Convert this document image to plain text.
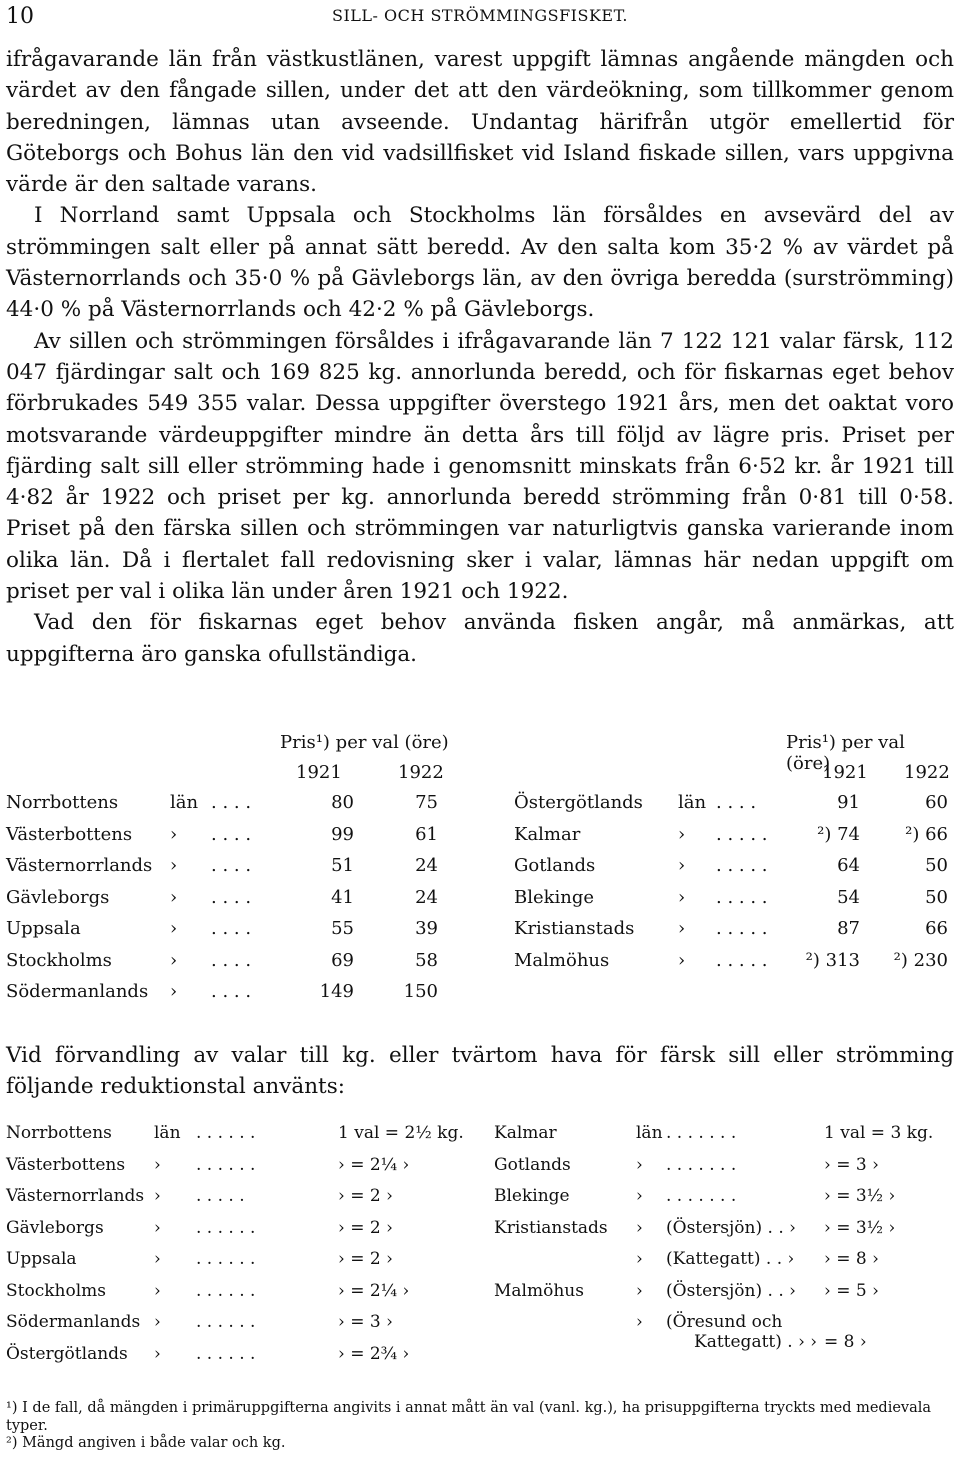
10	SILL- OCH STRÖMMINGSFISKET.

ifrågavarande län från västkustlänen, varest uppgift lämnas angående mängden och värdet av den fångade sillen, under det att den värdeökning, som tillkommer genom beredningen, lämnas utan avseende. Undantag härifrån utgör emellertid för Göteborgs och Bohus län den vid vadsillfisket vid Island fiskade sillen, vars uppgivna värde är den saltade varans.

I Norrland samt Uppsala och Stockholms län försåldes en avsevärd del av strömmingen salt eller på annat sätt beredd. Av den salta kom 35·2 % av värdet på Västernorrlands och 35·0 % på Gävleborgs län, av den övriga beredda (surströmming) 44·0 % på Västernorrlands och 42·2 % på Gävleborgs.

Av sillen och strömmingen försåldes i ifrågavarande län 7 122 121 valar färsk, 112 047 fjärdingar salt och 169 825 kg. annorlunda beredd, och för fiskarnas eget behov förbrukades 549 355 valar. Dessa uppgifter överstego 1921 års, men det oaktat voro motsvarande värdeuppgifter mindre än detta års till följd av lägre pris. Priset per fjärding salt sill eller strömming hade i genomsnitt minskats från 6·52 kr. år 1921 till 4·82 år 1922 och priset per kg. annorlunda beredd strömming från 0·81 till 0·58. Priset på den färska sillen och strömmingen var naturligtvis ganska varierande inom olika län. Då i flertalet fall redovisning sker i valar, lämnas här nedan uppgift om priset per val i olika län under åren 1921 och 1922.

Vad den för fiskarnas eget behov använda fisken angår, må anmärkas, att uppgifterna äro ganska ofullständiga.

Pris¹) per val (öre)	Pris¹) per val (öre)
1921	1922	1921 1922
Norrbottens	län . . . .	80	75
Västerbottens › . . . .	99	61
Västernorrlands › . . . .	51	24
Gävleborgs	› . . . .	41	24
Uppsala	› . . . .	55	39
Stockholms	› . . . .	69	58
Södermanlands › . . . .	149	150
Östergötlands län . . . .	91	60
Kalmar	› . . . . .	²) 74	²) 66
Gotlands	› . . . . .	64	50
Blekinge	› . . . . .	54	50
Kristianstads › . . . . .	87	66
Malmöhus	› . . . . .	²) 313	²) 230
Vid förvandling av valar till kg. eller tvärtom hava för färsk sill eller strömming följande reduktionstal använts:
Norrbottens län . . . . . .	1 val = 2½ kg.
Västerbottens › . . . . . .	› = 2¼ ›
Västernorrlands › . . . . .	› = 2 ›
Gävleborgs	› . . . . . .	› = 2 ›
Uppsala	› . . . . . .	› = 2 ›
Stockholms	› . . . . . .	› = 2¼ ›
Södermanlands › . . . . . .	› = 3 ›
Östergötlands › . . . . . .	› = 2¾ ›
Kalmar	län . . . . . . .	1 val = 3 kg.
Gotlands	› . . . . . . .	› = 3 ›
Blekinge	› . . . . . . .	› = 3½ ›
Kristianstads › (Östersjön) . . › › = 3½ ›
› (Kattegatt) . . › › = 8 ›
Malmöhus	› (Östersjön) . . › › = 5 ›
› (Öresund och
Kattegatt) . › › = 8 ›

¹) I de fall, då mängden i primäruppgifterna angivits i annat mått än val (vanl. kg.), ha prisuppgifterna tryckts med medievala typer.

²) Mängd angiven i både valar och kg.
